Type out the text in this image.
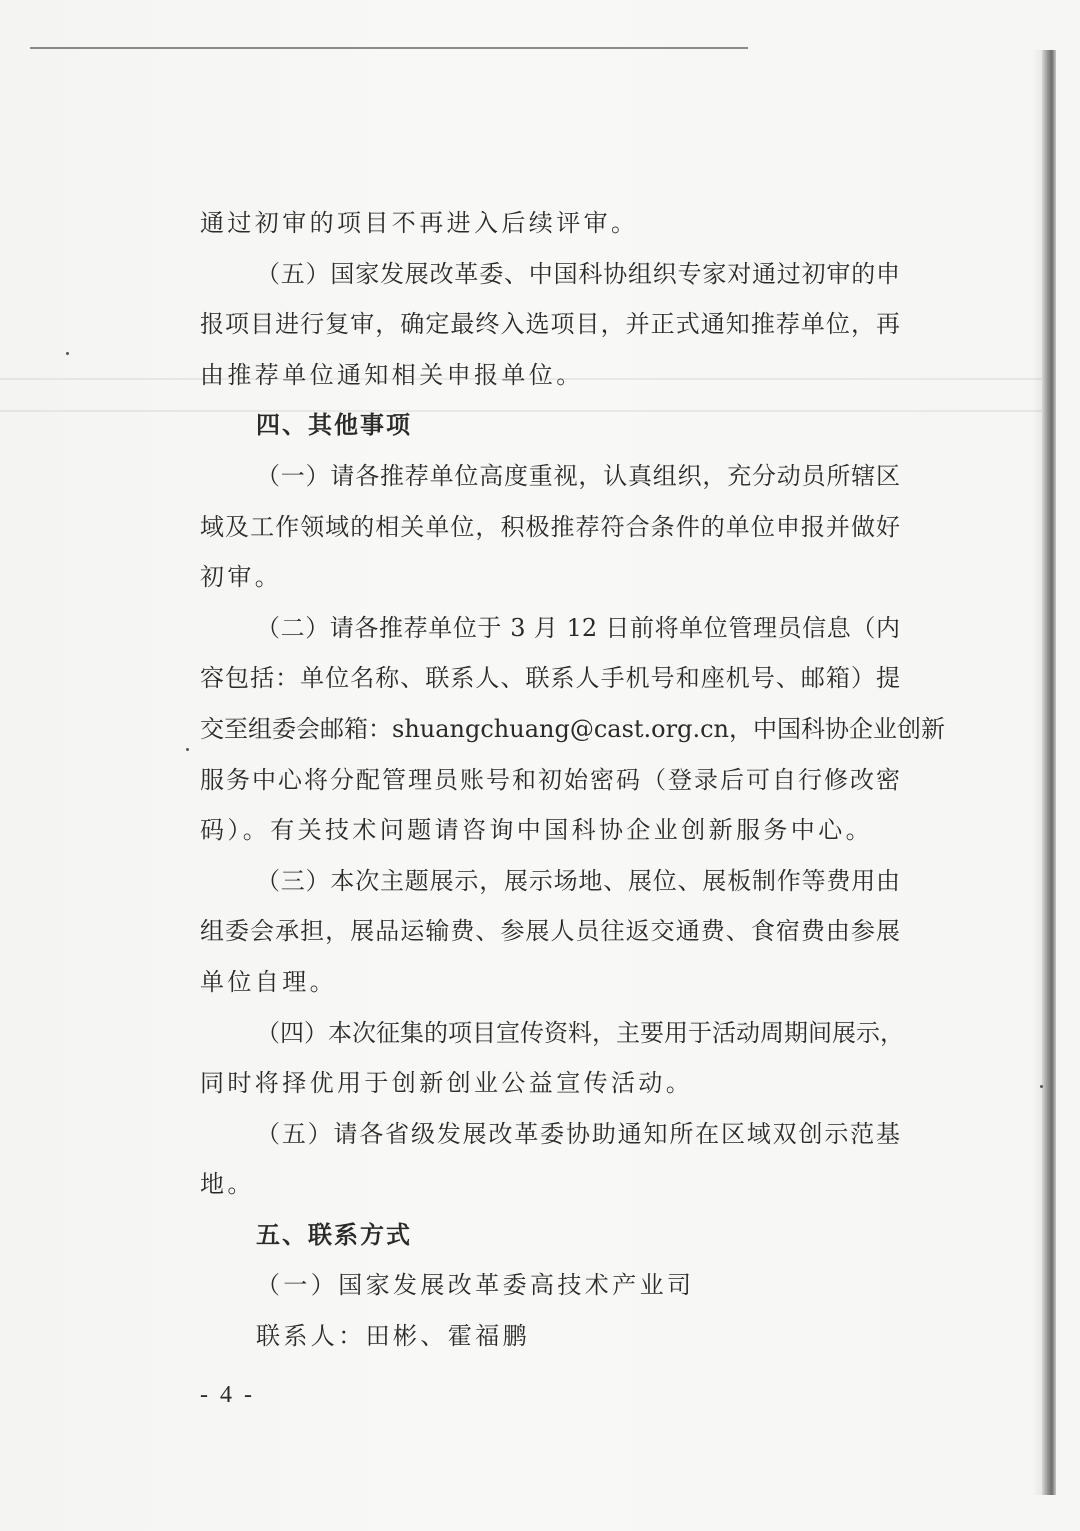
通过初审的项目不再进入后续评审。
（五）国家发展改革委、中国科协组织专家对通过初审的申
报项目进行复审，确定最终入选项目，并正式通知推荐单位，再
由推荐单位通知相关申报单位。
四、其他事项
（一）请各推荐单位高度重视，认真组织，充分动员所辖区
域及工作领域的相关单位，积极推荐符合条件的单位申报并做好
初审。
（二）请各推荐单位于 3 月 12 日前将单位管理员信息（内
容包括：单位名称、联系人、联系人手机号和座机号、邮箱）提
交至组委会邮箱：shuangchuang@cast.org.cn，中国科协企业创新
服务中心将分配管理员账号和初始密码（登录后可自行修改密
码）。有关技术问题请咨询中国科协企业创新服务中心。
（三）本次主题展示，展示场地、展位、展板制作等费用由
组委会承担，展品运输费、参展人员往返交通费、食宿费由参展
单位自理。
（四）本次征集的项目宣传资料，主要用于活动周期间展示，
同时将择优用于创新创业公益宣传活动。
（五）请各省级发展改革委协助通知所在区域双创示范基
地。
五、联系方式
（一）国家发展改革委高技术产业司
联系人：田彬、霍福鹏
- 4 -
